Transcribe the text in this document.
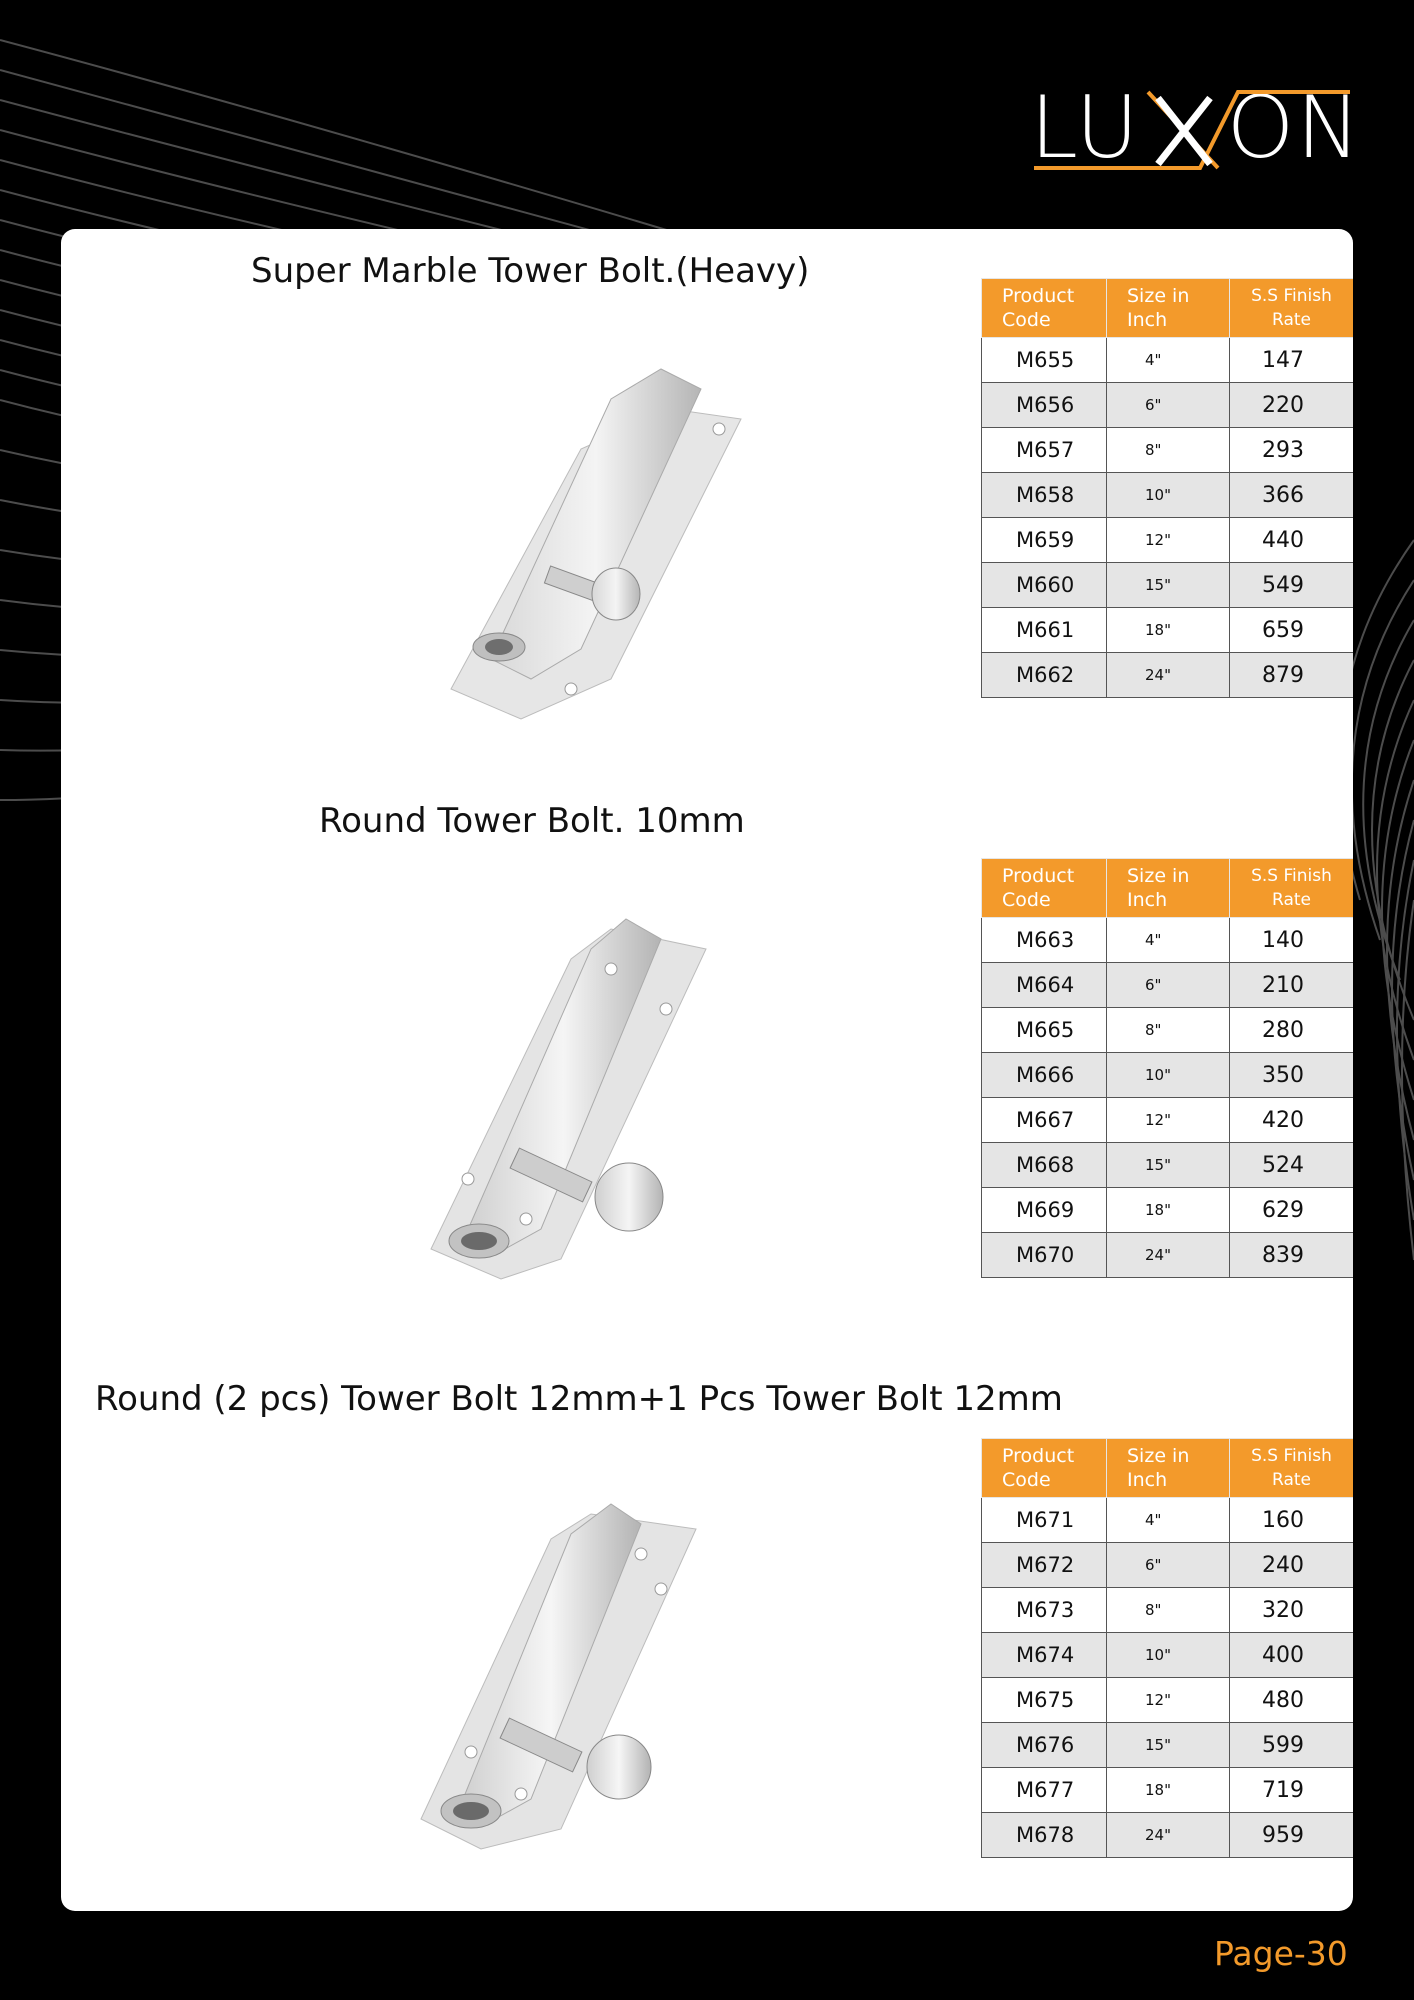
LU ON
Super Marble Tower Bolt.(Heavy)
Product Code	Size in Inch	S.S Finish Rate
M655	4"	147
M656	6"	220
M657	8"	293
M658	10"	366
M659	12"	440
M660	15"	549
M661	18"	659
M662	24"	879
Round Tower Bolt. 10mm
Product Code	Size in Inch	S.S Finish Rate
M663	4"	140
M664	6"	210
M665	8"	280
M666	10"	350
M667	12"	420
M668	15"	524
M669	18"	629
M670	24"	839
Round (2 pcs) Tower Bolt 12mm+1 Pcs Tower Bolt 12mm
Product Code	Size in Inch	S.S Finish Rate
M671	4"	160
M672	6"	240
M673	8"	320
M674	10"	400
M675	12"	480
M676	15"	599
M677	18"	719
M678	24"	959
Page-30
